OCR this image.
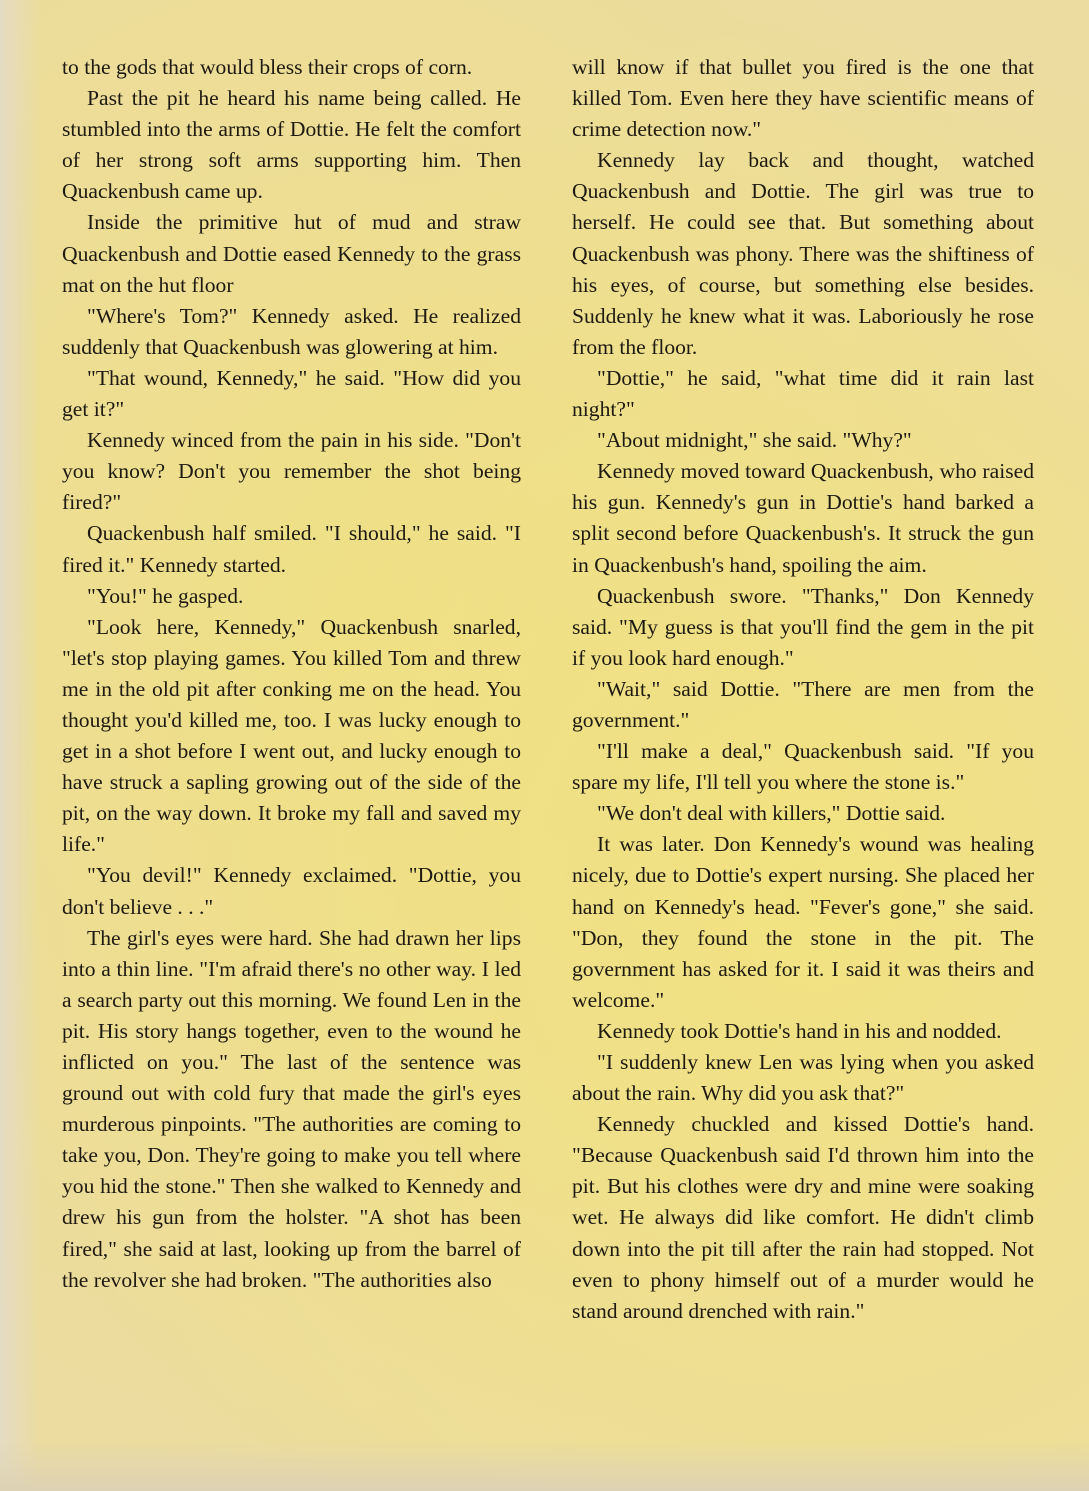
to the gods that would bless their crops of corn.

Past the pit he heard his name being called. He stumbled into the arms of Dottie. He felt the comfort of her strong soft arms supporting him. Then Quackenbush came up.

Inside the primitive hut of mud and straw Quackenbush and Dottie eased Kennedy to the grass mat on the hut floor

"Where's Tom?" Kennedy asked. He realized suddenly that Quackenbush was glowering at him.

"That wound, Kennedy," he said. "How did you get it?"

Kennedy winced from the pain in his side. "Don't you know? Don't you remember the shot being fired?"

Quackenbush half smiled. "I should," he said. "I fired it." Kennedy started.

"You!" he gasped.

"Look here, Kennedy," Quackenbush snarled, "let's stop playing games. You killed Tom and threw me in the old pit after conking me on the head. You thought you'd killed me, too. I was lucky enough to get in a shot before I went out, and lucky enough to have struck a sapling growing out of the side of the pit, on the way down. It broke my fall and saved my life."

"You devil!" Kennedy exclaimed. "Dottie, you don't believe . . ."

The girl's eyes were hard. She had drawn her lips into a thin line. "I'm afraid there's no other way. I led a search party out this morning. We found Len in the pit. His story hangs together, even to the wound he inflicted on you." The last of the sentence was ground out with cold fury that made the girl's eyes murderous pinpoints. "The authorities are coming to take you, Don. They're going to make you tell where you hid the stone." Then she walked to Kennedy and drew his gun from the holster. "A shot has been fired," she said at last, looking up from the barrel of the revolver she had broken. "The authorities also

will know if that bullet you fired is the one that killed Tom. Even here they have scientific means of crime detection now."

Kennedy lay back and thought, watched Quackenbush and Dottie. The girl was true to herself. He could see that. But something about Quackenbush was phony. There was the shiftiness of his eyes, of course, but something else besides. Suddenly he knew what it was. Laboriously he rose from the floor.

"Dottie," he said, "what time did it rain last night?"

"About midnight," she said. "Why?"

Kennedy moved toward Quackenbush, who raised his gun. Kennedy's gun in Dottie's hand barked a split second before Quackenbush's. It struck the gun in Quackenbush's hand, spoiling the aim.

Quackenbush swore. "Thanks," Don Kennedy said. "My guess is that you'll find the gem in the pit if you look hard enough."

"Wait," said Dottie. "There are men from the government."

"I'll make a deal," Quackenbush said. "If you spare my life, I'll tell you where the stone is."

"We don't deal with killers," Dottie said.

It was later. Don Kennedy's wound was healing nicely, due to Dottie's expert nursing. She placed her hand on Kennedy's head. "Fever's gone," she said. "Don, they found the stone in the pit. The government has asked for it. I said it was theirs and welcome."

Kennedy took Dottie's hand in his and nodded.

"I suddenly knew Len was lying when you asked about the rain. Why did you ask that?"

Kennedy chuckled and kissed Dottie's hand. "Because Quackenbush said I'd thrown him into the pit. But his clothes were dry and mine were soaking wet. He always did like comfort. He didn't climb down into the pit till after the rain had stopped. Not even to phony himself out of a murder would he stand around drenched with rain."
